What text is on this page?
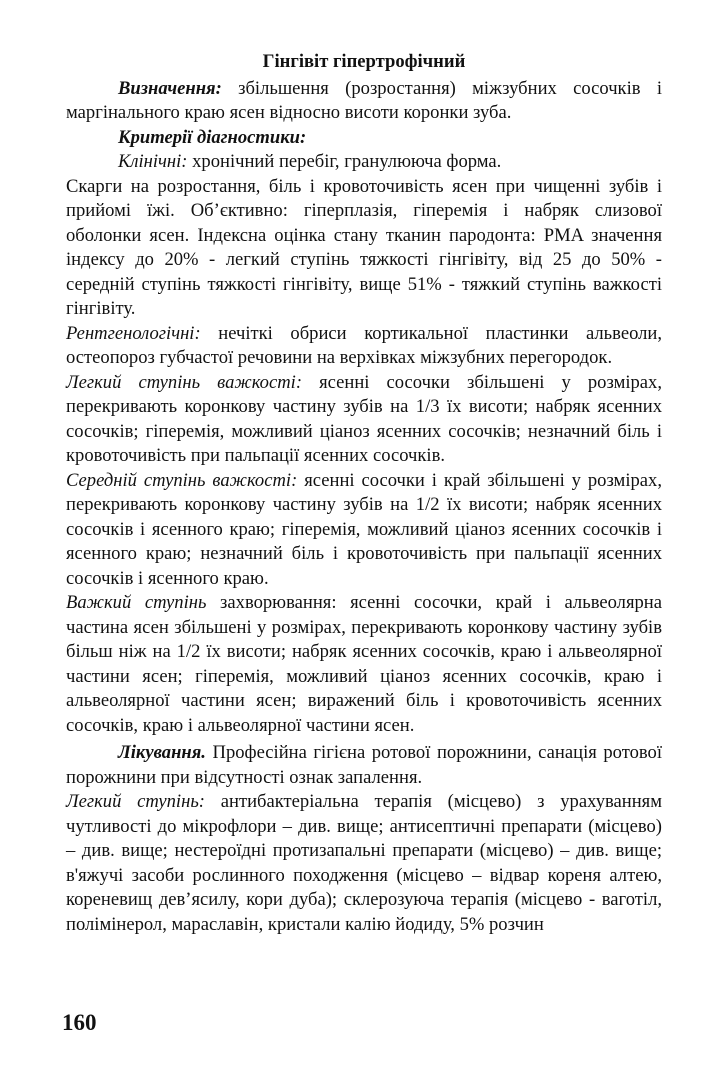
Гінгівіт гіпертрофічний

Визначення: збільшення (розростання) міжзубних сосочків і маргінального краю ясен відносно висоти коронки зуба.

Критерії діагностики:

Клінічні: хронічний перебіг, гранулююча форма.

Скарги на розростання, біль і кровоточивість ясен при чищенні зубів і прийомі їжі. Об’єктивно: гіперплазія, гіперемія і набряк слизової оболонки ясен. Індексна оцінка стану тканин пародонта: PMA значення індексу до 20% - легкий ступінь тяжкості гінгівіту, від 25 до 50% - середній ступінь тяжкості гінгівіту, вище 51% - тяжкий ступінь важкості гінгівіту.

Рентгенологічні: нечіткі обриси кортикальної пластинки альвеоли, остеопороз губчастої речовини на верхівках міжзубних перегородок.

Легкий ступінь важкості: ясенні сосочки збільшені у розмірах, перекривають коронкову частину зубів на 1/3 їх висоти; набряк ясенних сосочків; гіперемія, можливий ціаноз ясенних сосочків; незначний біль і кровоточивість при пальпації ясенних сосочків.

Середній ступінь важкості: ясенні сосочки і край збільшені у розмірах, перекривають коронкову частину зубів на 1/2 їх висоти; набряк ясенних сосочків і ясенного краю; гіперемія, можливий ціаноз ясенних сосочків і ясенного краю; незначний біль і кровоточивість при пальпації ясенних сосочків і ясенного краю.

Важкий ступінь захворювання: ясенні сосочки, край і альвеолярна частина ясен збільшені у розмірах, перекривають коронкову частину зубів більш ніж на 1/2 їх висоти; набряк ясенних сосочків, краю і альвеолярної частини ясен; гіперемія, можливий ціаноз ясенних сосочків, краю і альвеолярної частини ясен; виражений біль і кровоточивість ясенних сосочків, краю і альвеолярної частини ясен.

Лікування. Професійна гігієна ротової порожнини, санація ротової порожнини при відсутності ознак запалення.

Легкий ступінь: антибактеріальна терапія (місцево) з урахуванням чутливості до мікрофлори – див. вище; антисептичні препарати (місцево) – див. вище; нестероїдні протизапальні препарати (місцево) – див. вище; в'яжучі засоби рослинного походження (місцево – відвар кореня алтею, кореневищ дев’ясилу, кори дуба); склерозуюча терапія (місцево - ваготіл, полімінерол, мараславін, кристали калію йодиду, 5% розчин

160
